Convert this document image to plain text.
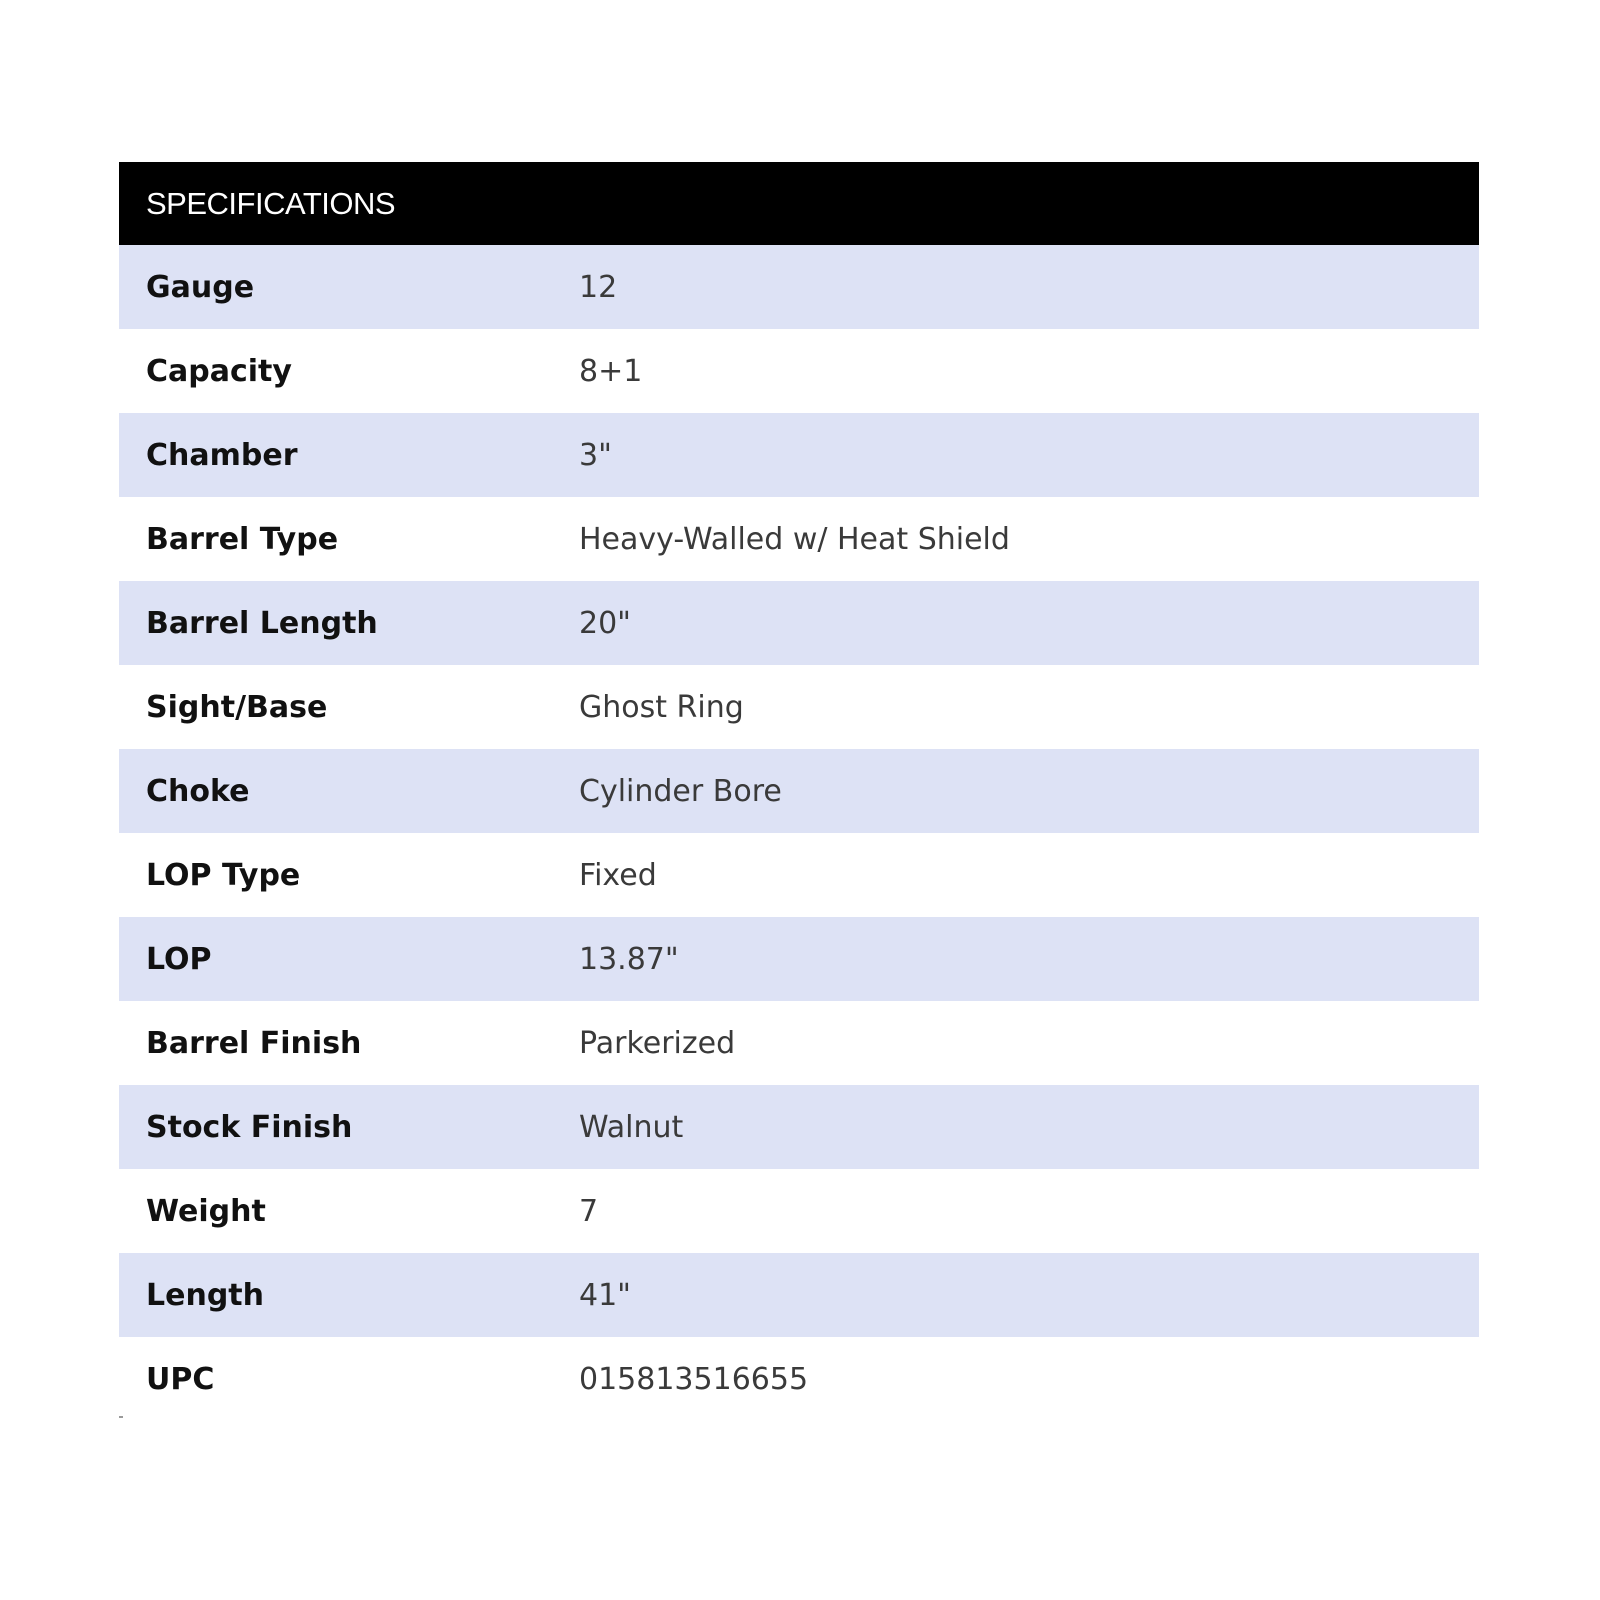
SPECIFICATIONS
Gauge	12
Capacity	8+1
Chamber	3"
Barrel Type	Heavy-Walled w/ Heat Shield
Barrel Length	20"
Sight/Base	Ghost Ring
Choke	Cylinder Bore
LOP Type	Fixed
LOP	13.87"
Barrel Finish	Parkerized
Stock Finish	Walnut
Weight	7
Length	41"
UPC	015813516655
